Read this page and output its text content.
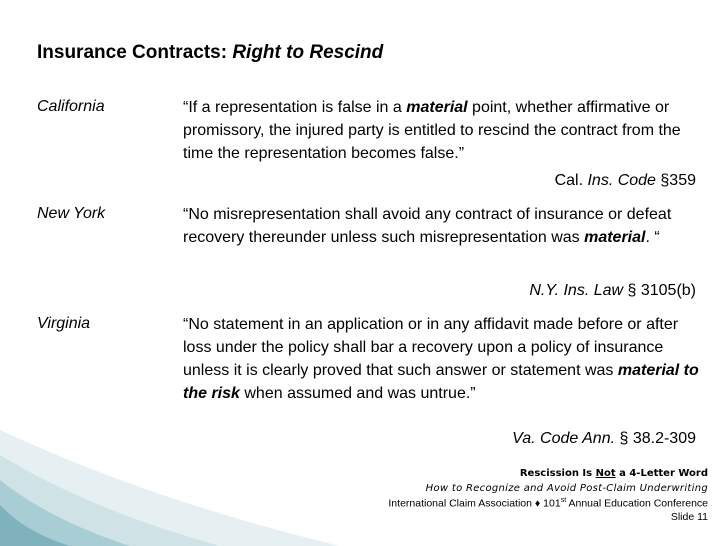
Insurance Contracts: Right to Rescind
California	“If a representation is false in a material point, whether affirmative or promissory, the injured party is entitled to rescind the contract from the time the representation becomes false.”
Cal. Ins. Code §359
New York	“No misrepresentation shall avoid any contract of insurance or defeat recovery thereunder unless such misrepresentation was material. “
N.Y. Ins. Law § 3105(b)
Virginia	“No statement in an application or in any affidavit made before or after loss under the policy shall bar a recovery upon a policy of insurance unless it is clearly proved that such answer or statement was material to the risk when assumed and was untrue.”
Va. Code Ann. § 38.2-309
Rescission Is Not a 4-Letter Word
How to Recognize and Avoid Post-Claim Underwriting
International Claim Association ♦ 101st Annual Education Conference
Slide 11
